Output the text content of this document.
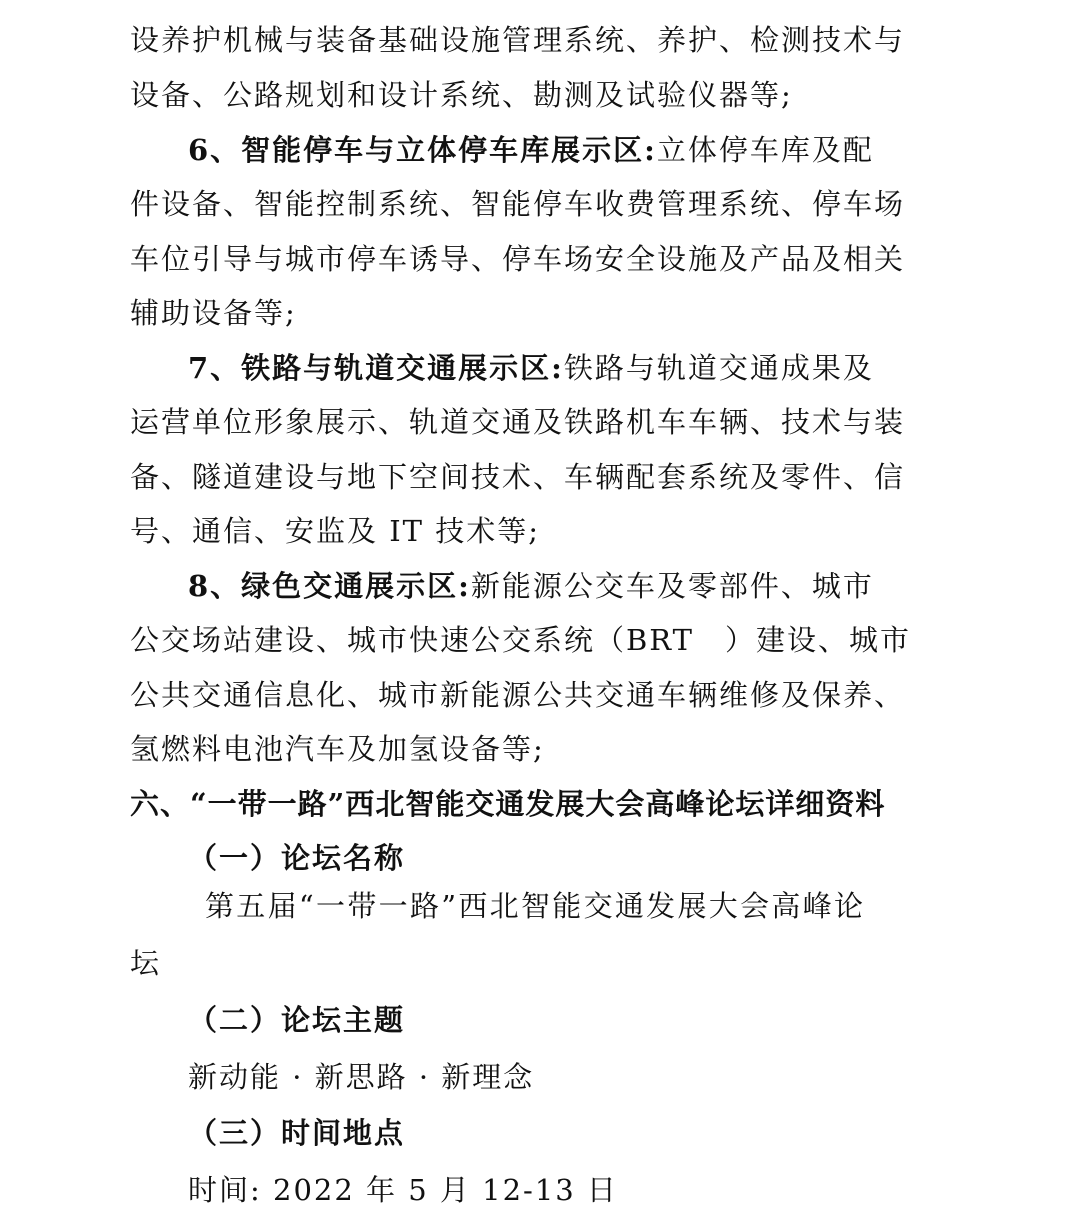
设养护机械与装备基础设施管理系统、养护、检测技术与
设备、公路规划和设计系统、勘测及试验仪器等;
6、智能停车与立体停车库展示区:立体停车库及配
件设备、智能控制系统、智能停车收费管理系统、停车场
车位引导与城市停车诱导、停车场安全设施及产品及相关
辅助设备等;
7、铁路与轨道交通展示区:铁路与轨道交通成果及
运营单位形象展示、轨道交通及铁路机车车辆、技术与装
备、隧道建设与地下空间技术、车辆配套系统及零件、信
号、通信、安监及 IT 技术等;
8、绿色交通展示区:新能源公交车及零部件、城市
公交场站建设、城市快速公交系统（BRT　）建设、城市
公共交通信息化、城市新能源公共交通车辆维修及保养、
氢燃料电池汽车及加氢设备等;
六、“一带一路”西北智能交通发展大会高峰论坛详细资料
（一）论坛名称
第五届“一带一路”西北智能交通发展大会高峰论
坛
（二）论坛主题
新动能 · 新思路 · 新理念
（三）时间地点
时间: 2022 年 5 月 12-13 日
